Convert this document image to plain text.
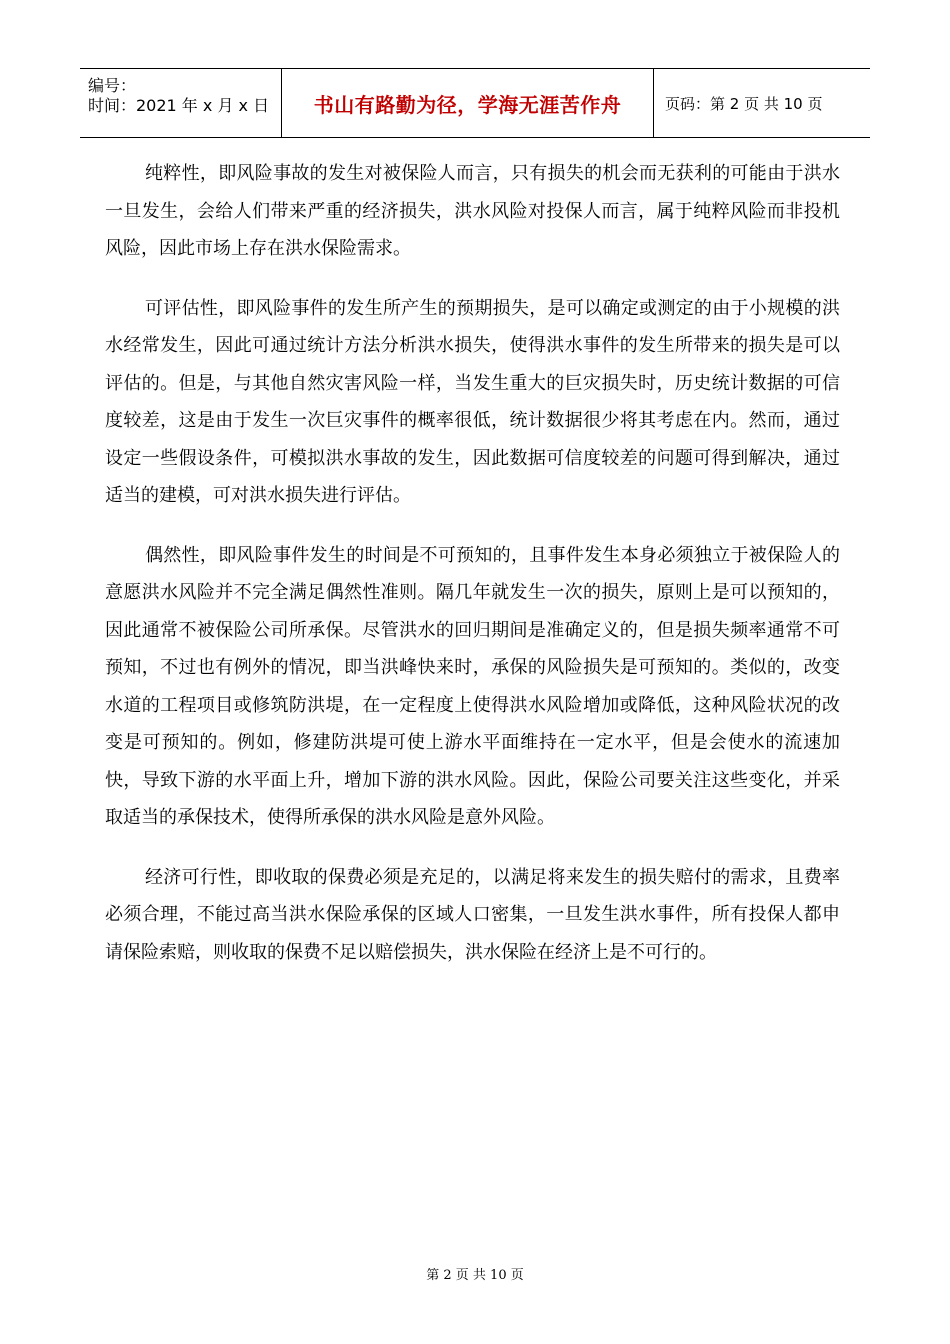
编号：
时间：2021 年 x 月 x 日 书山有路勤为径，学海无涯苦作舟	页码：第 2 页 共 10 页

纯粹性，即风险事故的发生对被保险人而言，只有损失的机会而无获利的可能由于洪水一旦发生，会给人们带来严重的经济损失，洪水风险对投保人而言，属于纯粹风险而非投机风险，因此市场上存在洪水保险需求。

可评估性，即风险事件的发生所产生的预期损失，是可以确定或测定的由于小规模的洪水经常发生，因此可通过统计方法分析洪水损失，使得洪水事件的发生所带来的损失是可以评估的。但是，与其他自然灾害风险一样，当发生重大的巨灾损失时，历史统计数据的可信度较差，这是由于发生一次巨灾事件的概率很低，统计数据很少将其考虑在内。然而，通过设定一些假设条件，可模拟洪水事故的发生，因此数据可信度较差的问题可得到解决，通过适当的建模，可对洪水损失进行评估。

偶然性，即风险事件发生的时间是不可预知的，且事件发生本身必须独立于被保险人的意愿洪水风险并不完全满足偶然性准则。隔几年就发生一次的损失，原则上是可以预知的，因此通常不被保险公司所承保。尽管洪水的回归期间是准确定义的，但是损失频率通常不可预知，不过也有例外的情况，即当洪峰快来时，承保的风险损失是可预知的。类似的，改变水道的工程项目或修筑防洪堤，在一定程度上使得洪水风险增加或降低，这种风险状况的改变是可预知的。例如，修建防洪堤可使上游水平面维持在一定水平，但是会使水的流速加快，导致下游的水平面上升，增加下游的洪水风险。因此，保险公司要关注这些变化，并采取适当的承保技术，使得所承保的洪水风险是意外风险。

经济可行性，即收取的保费必须是充足的，以满足将来发生的损失赔付的需求，且费率必须合理，不能过高当洪水保险承保的区域人口密集，一旦发生洪水事件，所有投保人都申请保险索赔，则收取的保费不足以赔偿损失，洪水保险在经济上是不可行的。

第 2 页 共 10 页
